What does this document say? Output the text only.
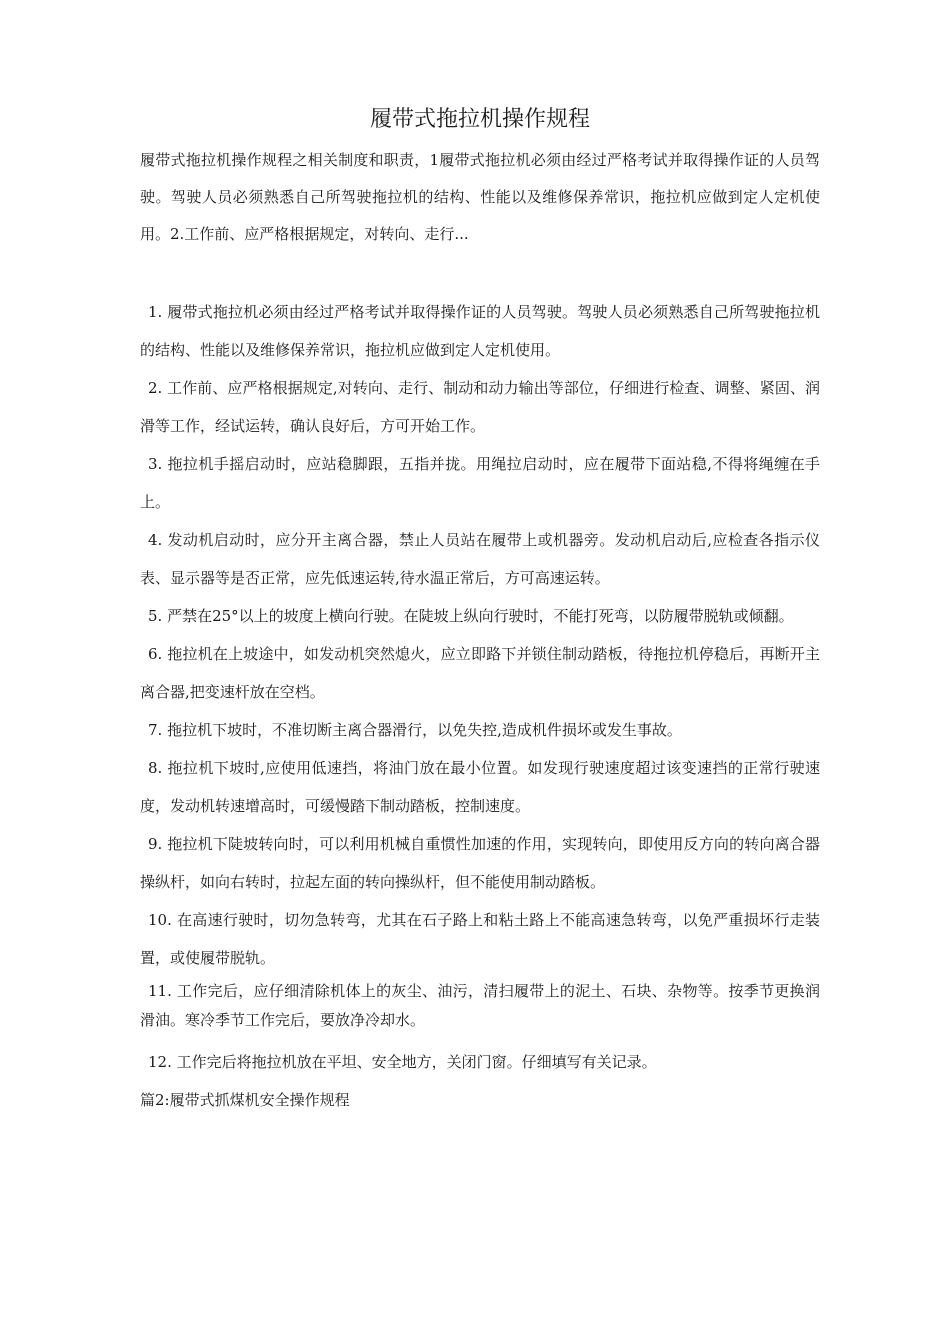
履带式拖拉机操作规程

履带式拖拉机操作规程之相关制度和职责，1履带式拖拉机必须由经过严格考试并取得操作证的人员驾驶。驾驶人员必须熟悉自己所驾驶拖拉机的结构、性能以及维修保养常识，拖拉机应做到定人定机使用。2.工作前、应严格根据规定，对转向、走行...

1. 履带式拖拉机必须由经过严格考试并取得操作证的人员驾驶。驾驶人员必须熟悉自己所驾驶拖拉机的结构、性能以及维修保养常识，拖拉机应做到定人定机使用。

2. 工作前、应严格根据规定,对转向、走行、制动和动力输出等部位，仔细进行检查、调整、紧固、润滑等工作，经试运转，确认良好后，方可开始工作。

3. 拖拉机手摇启动时，应站稳脚跟，五指并拢。用绳拉启动时，应在履带下面站稳,不得将绳缠在手上。

4. 发动机启动时，应分开主离合器，禁止人员站在履带上或机器旁。发动机启动后,应检查各指示仪表、显示器等是否正常，应先低速运转,待水温正常后，方可高速运转。

5. 严禁在25°以上的坡度上横向行驶。在陡坡上纵向行驶时，不能打死弯，以防履带脱轨或倾翻。

6. 拖拉机在上坡途中，如发动机突然熄火，应立即路下并锁住制动踏板，待拖拉机停稳后，再断开主离合器,把变速杆放在空档。

7. 拖拉机下坡时，不准切断主离合器滑行，以免失控,造成机件损坏或发生事故。

8. 拖拉机下坡时,应使用低速挡，将油门放在最小位置。如发现行驶速度超过该变速挡的正常行驶速度，发动机转速增高时，可缓慢踏下制动踏板，控制速度。

9. 拖拉机下陡坡转向时，可以利用机械自重惯性加速的作用，实现转向，即使用反方向的转向离合器操纵杆，如向右转时，拉起左面的转向操纵杆，但不能使用制动踏板。

10. 在高速行驶时，切勿急转弯，尤其在石子路上和粘土路上不能高速急转弯，以免严重损坏行走装置，或使履带脱轨。

11. 工作完后，应仔细清除机体上的灰尘、油污，清扫履带上的泥土、石块、杂物等。按季节更换润滑油。寒冷季节工作完后，要放净冷却水。

12. 工作完后将拖拉机放在平坦、安全地方，关闭门窗。仔细填写有关记录。

篇2:履带式抓煤机安全操作规程
